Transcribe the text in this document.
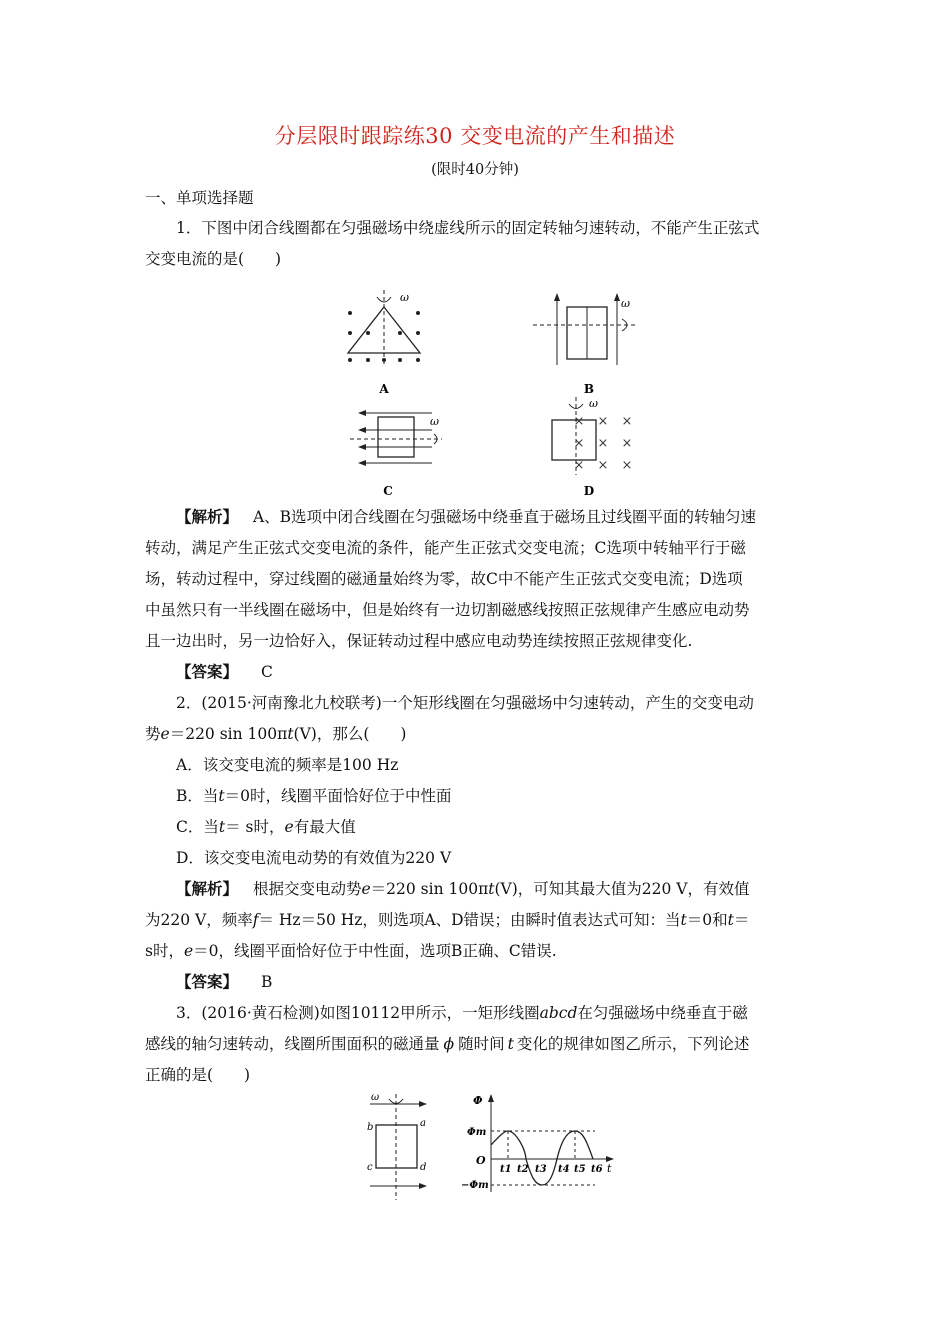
分层限时跟踪练30 交变电流的产生和描述
(限时40分钟)
一、单项选择题
1．下图中闭合线圈都在匀强磁场中绕虚线所示的固定转轴匀速转动，不能产生正弦式
交变电流的是(　　)
ω
A
ω
B
ω
C
ω
× × ×
× × ×
× × ×
D
【解析】 A、B选项中闭合线圈在匀强磁场中绕垂直于磁场且过线圈平面的转轴匀速
转动，满足产生正弦式交变电流的条件，能产生正弦式交变电流；C选项中转轴平行于磁
场，转动过程中，穿过线圈的磁通量始终为零，故C中不能产生正弦式交变电流；D选项
中虽然只有一半线圈在磁场中，但是始终有一边切割磁感线按照正弦规律产生感应电动势
且一边出时，另一边恰好入，保证转动过程中感应电动势连续按照正弦规律变化.
【答案】 C
2．(2015·河南豫北九校联考)一个矩形线圈在匀强磁场中匀速转动，产生的交变电动
势e＝220 sin 100πt(V)，那么(　　)
A．该交变电流的频率是100 Hz
B．当t＝0时，线圈平面恰好位于中性面
C．当t＝ s时，e有最大值
D．该交变电流电动势的有效值为220 V
【解析】 根据交变电动势e＝220 sin 100πt(V)，可知其最大值为220 V，有效值
为220 V，频率f＝ Hz＝50 Hz，则选项A、D错误；由瞬时值表达式可知：当t＝0和t＝
s时，e＝0，线圈平面恰好位于中性面，选项B正确、C错误.
【答案】 B
3．(2016·黄石检测)如图10112甲所示，一矩形线圈abcd在匀强磁场中绕垂直于磁
感线的轴匀速转动，线圈所围面积的磁通量 ϕ 随时间 t 变化的规律如图乙所示，下列论述
正确的是(　　)
ω
b	a
c	d
Φ
Φm
−Φm
O
t
t1 t2 t3 t4 t5 t6
